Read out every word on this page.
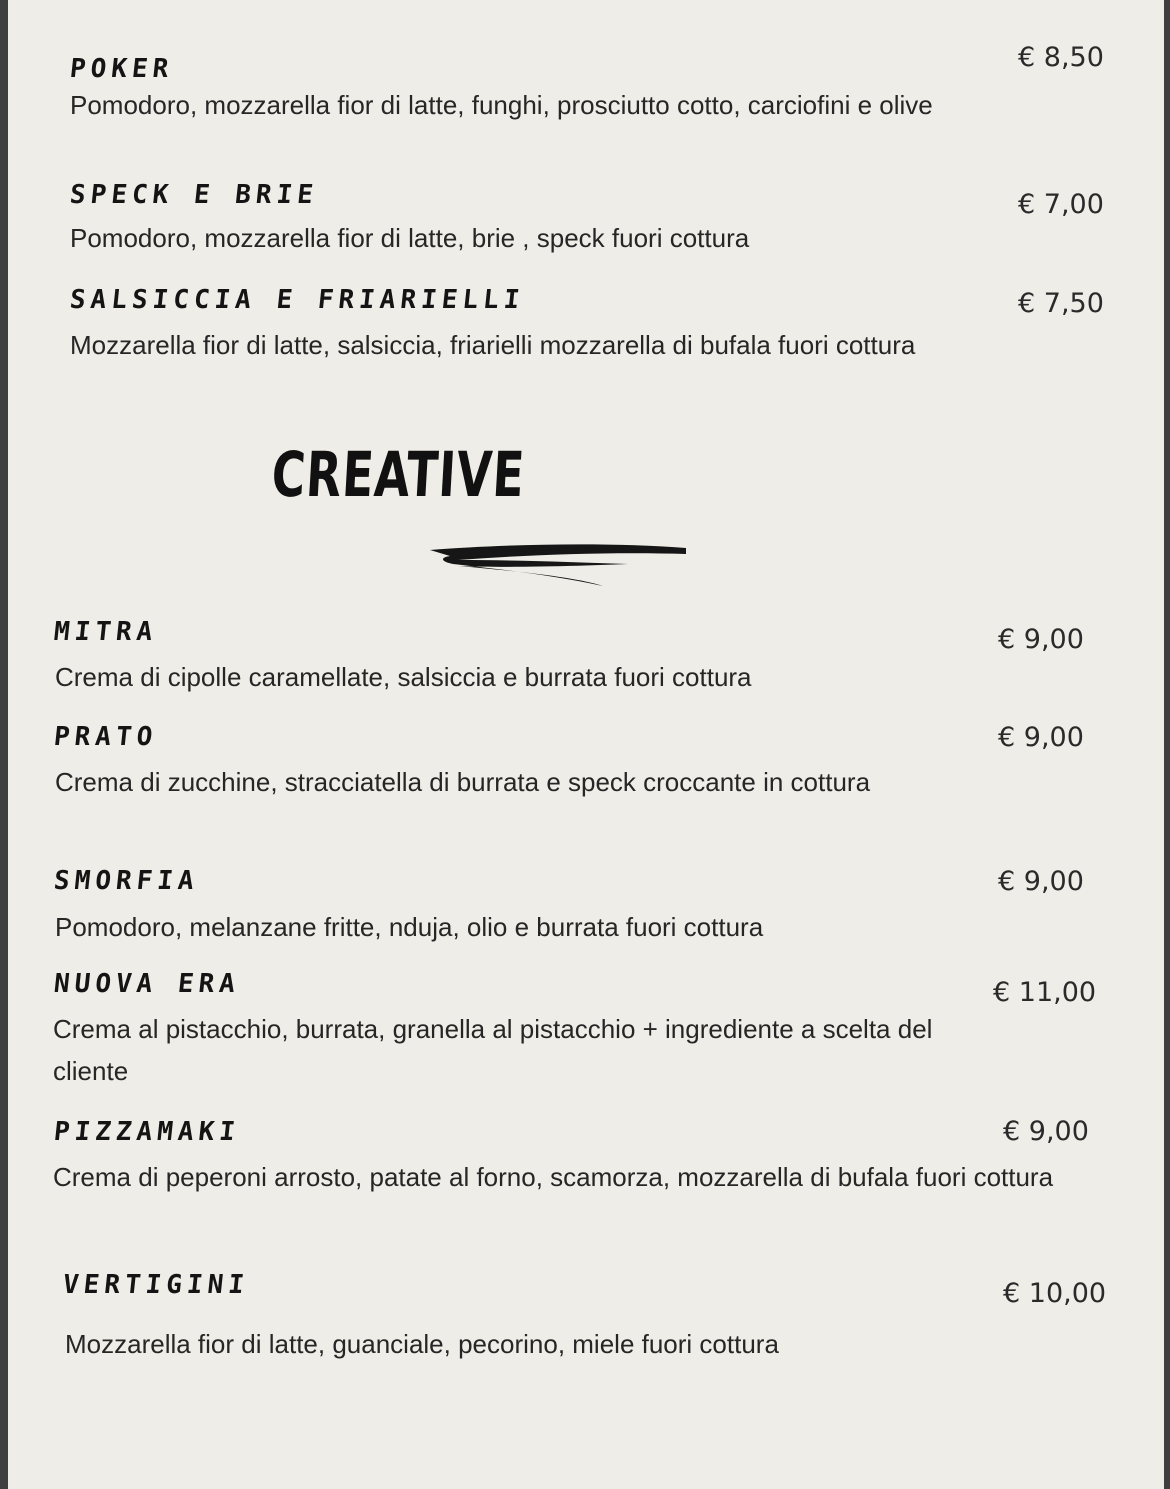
POKER	€ 8,50
Pomodoro, mozzarella fior di latte, funghi, prosciutto cotto, carciofini e olive
SPECK E BRIE	€ 7,00
Pomodoro, mozzarella fior di latte, brie , speck fuori cottura
SALSICCIA E FRIARIELLI	€ 7,50
Mozzarella fior di latte, salsiccia, friarielli mozzarella di bufala fuori cottura
CREATIVE
MITRA	€ 9,00
Crema di cipolle caramellate, salsiccia e burrata fuori cottura
PRATO	€ 9,00
Crema di zucchine, stracciatella di burrata e speck croccante in cottura
SMORFIA	€ 9,00
Pomodoro, melanzane fritte, nduja, olio e burrata fuori cottura
NUOVA ERA	€ 11,00
Crema al pistacchio, burrata, granella al pistacchio + ingrediente a scelta del cliente
PIZZAMAKI	€ 9,00
Crema di peperoni arrosto, patate al forno, scamorza, mozzarella di bufala fuori cottura
VERTIGINI	€ 10,00
Mozzarella fior di latte, guanciale, pecorino, miele fuori cottura
